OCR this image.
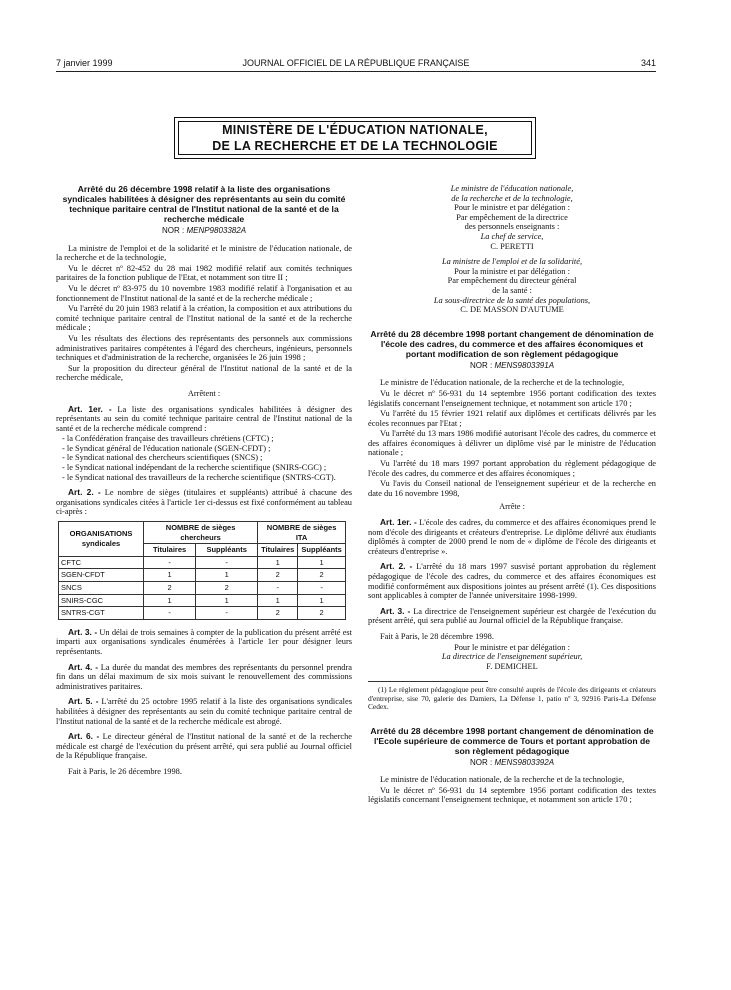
7 janvier 1999	JOURNAL OFFICIEL DE LA RÉPUBLIQUE FRANÇAISE	341
MINISTÈRE DE L'ÉDUCATION NATIONALE,
DE LA RECHERCHE ET DE LA TECHNOLOGIE
Arrêté du 26 décembre 1998 relatif à la liste des organisations syndicales habilitées à désigner des représentants au sein du comité technique paritaire central de l'Institut national de la santé et de la recherche médicale
NOR : MENP9803382A

La ministre de l'emploi et de la solidarité et le ministre de l'éducation nationale, de la recherche et de la technologie,

Vu le décret nº 82-452 du 28 mai 1982 modifié relatif aux comités techniques paritaires de la fonction publique de l'Etat, et notamment son titre II ;

Vu le décret nº 83-975 du 10 novembre 1983 modifié relatif à l'organisation et au fonctionnement de l'Institut national de la santé et de la recherche médicale ;

Vu l'arrêté du 20 juin 1983 relatif à la création, la composition et aux attributions du comité technique paritaire central de l'Institut national de la santé et de la recherche médicale ;

Vu les résultats des élections des représentants des personnels aux commissions administratives paritaires compétentes à l'égard des chercheurs, ingénieurs, personnels techniques et d'administration de la recherche, organisées le 26 juin 1998 ;

Sur la proposition du directeur général de l'Institut national de la santé et de la recherche médicale,

Arrêtent :

Art. 1er. - La liste des organisations syndicales habilitées à désigner des représentants au sein du comité technique paritaire central de l'Institut national de la santé et de la recherche médicale comprend :

- la Confédération française des travailleurs chrétiens (CFTC) ;
- le Syndicat général de l'éducation nationale (SGEN-CFDT) ;
- le Syndicat national des chercheurs scientifiques (SNCS) ;
- le Syndicat national indépendant de la recherche scientifique (SNIRS-CGC) ;
- le Syndicat national des travailleurs de la recherche scientifique (SNTRS-CGT).

Art. 2. - Le nombre de sièges (titulaires et suppléants) attribué à chacune des organisations syndicales citées à l'article 1er ci-dessus est fixé conformément au tableau ci-après :

ORGANISATIONS syndicales	NOMBRE de sièges chercheurs		NOMBRE de sièges ITA	
	Titulaires	Suppléants	Titulaires	Suppléants
CFTC	-	-	1	1
SGEN-CFDT	1	1	2	2
SNCS	2	2	-	-
SNIRS-CGC	1	1	1	1
SNTRS-CGT	-	-	2	2

Art. 3. - Un délai de trois semaines à compter de la publication du présent arrêté est imparti aux organisations syndicales énumérées à l'article 1er pour désigner leurs représentants.

Art. 4. - La durée du mandat des membres des représentants du personnel prendra fin dans un délai maximum de six mois suivant le renouvellement des commissions administratives paritaires.

Art. 5. - L'arrêté du 25 octobre 1995 relatif à la liste des organisations syndicales habilitées à désigner des représentants au sein du comité technique paritaire central de l'Institut national de la santé et de la recherche médicale est abrogé.

Art. 6. - Le directeur général de l'Institut national de la santé et de la recherche médicale est chargé de l'exécution du présent arrêté, qui sera publié au Journal officiel de la République française.

Fait à Paris, le 26 décembre 1998.

Le ministre de l'éducation nationale,
de la recherche et de la technologie,
Pour le ministre et par délégation :
Par empêchement de la directrice
des personnels enseignants :
La chef de service,
C. PERETTI
La ministre de l'emploi et de la solidarité,
Pour la ministre et par délégation :
Par empêchement du directeur général
de la santé :
La sous-directrice de la santé des populations,
C. DE MASSON D'AUTUME
Arrêté du 28 décembre 1998 portant changement de dénomination de l'école des cadres, du commerce et des affaires économiques et portant modification de son règlement pédagogique
NOR : MENS9803391A

Le ministre de l'éducation nationale, de la recherche et de la technologie,

Vu le décret nº 56-931 du 14 septembre 1956 portant codification des textes législatifs concernant l'enseignement technique, et notamment son article 170 ;

Vu l'arrêté du 15 février 1921 relatif aux diplômes et certificats délivrés par les écoles reconnues par l'Etat ;

Vu l'arrêté du 13 mars 1986 modifié autorisant l'école des cadres, du commerce et des affaires économiques à délivrer un diplôme visé par le ministre de l'éducation nationale ;

Vu l'arrêté du 18 mars 1997 portant approbation du règlement pédagogique de l'école des cadres, du commerce et des affaires économiques ;

Vu l'avis du Conseil national de l'enseignement supérieur et de la recherche en date du 16 novembre 1998,

Arrête :

Art. 1er. - L'école des cadres, du commerce et des affaires économiques prend le nom d'école des dirigeants et créateurs d'entreprise. Le diplôme délivré aux étudiants diplômés à compter de 2000 prend le nom de « diplôme de l'école des dirigeants et créateurs d'entreprise ».

Art. 2. - L'arrêté du 18 mars 1997 susvisé portant approbation du règlement pédagogique de l'école des cadres, du commerce et des affaires économiques est modifié conformément aux dispositions jointes au présent arrêté (1). Ces dispositions sont applicables à compter de l'année universitaire 1998-1999.

Art. 3. - La directrice de l'enseignement supérieur est chargée de l'exécution du présent arrêté, qui sera publié au Journal officiel de la République française.

Fait à Paris, le 28 décembre 1998.

Pour le ministre et par délégation :
La directrice de l'enseignement supérieur,
F. DEMICHEL

(1) Le règlement pédagogique peut être consulté auprès de l'école des dirigeants et créateurs d'entreprise, sise 70, galerie des Damiers, La Défense 1, patio nº 3, 92916 Paris-La Défense Cedex.

Arrêté du 28 décembre 1998 portant changement de dénomination de l'Ecole supérieure de commerce de Tours et portant approbation de son règlement pédagogique
NOR : MENS9803392A

Le ministre de l'éducation nationale, de la recherche et de la technologie,

Vu le décret nº 56-931 du 14 septembre 1956 portant codification des textes législatifs concernant l'enseignement technique, et notamment son article 170 ;
